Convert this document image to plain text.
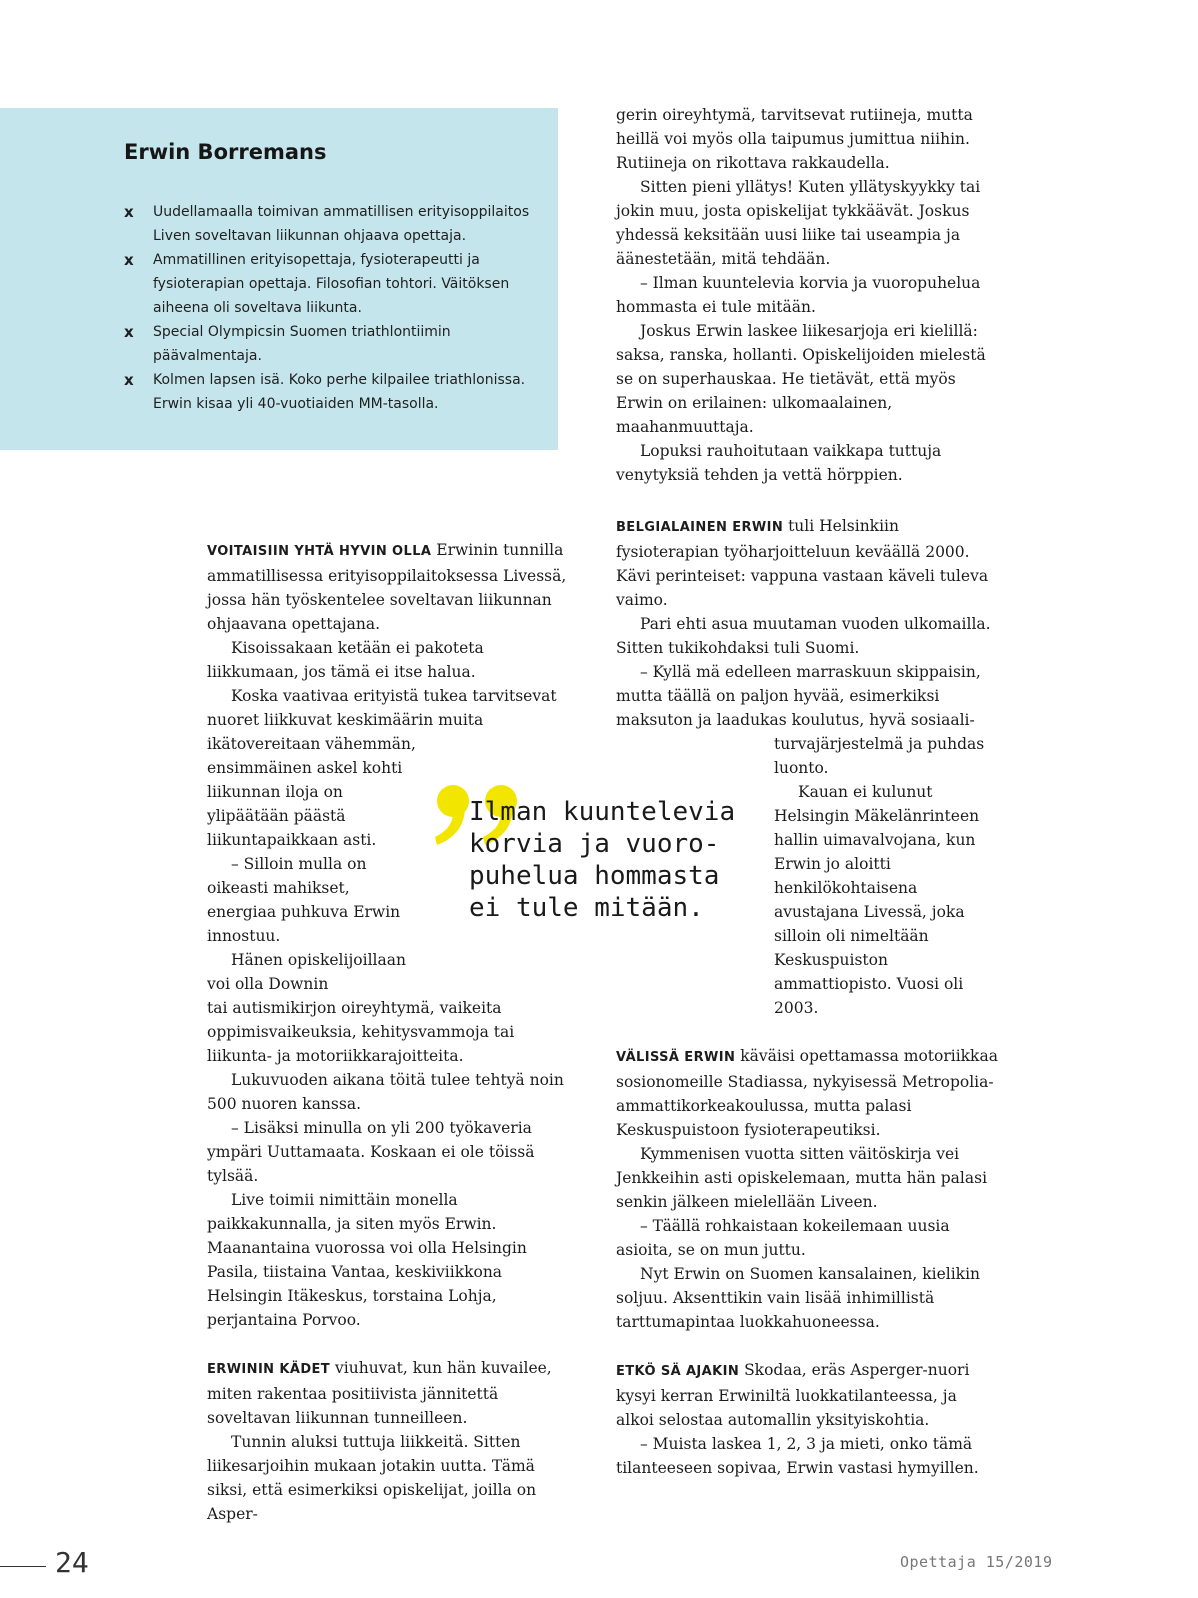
Erwin Borremans
x Uudellamaalla toimivan ammatillisen erityisoppilaitos Liven soveltavan liikunnan ohjaava opettaja.
x Ammatillinen erityisopettaja, fysioterapeutti ja fysioterapian opettaja. Filosofian tohtori. Väitöksen aiheena oli soveltava liikunta.
x Special Olympicsin Suomen triathlontiimin päävalmentaja.
x Kolmen lapsen isä. Koko perhe kilpailee triathlonissa. Erwin kisaa yli 40-vuotiaiden MM-tasolla.

gerin oireyhtymä, tarvitsevat rutiineja, mutta heillä voi myös olla taipumus jumittua niihin. Rutiineja on rikottava rakkaudella.

Sitten pieni yllätys! Kuten yllätyskyykky tai jokin muu, josta opiskelijat tykkäävät. Joskus yhdessä keksitään uusi liike tai useampia ja äänestetään, mitä tehdään.

– Ilman kuuntelevia korvia ja vuoropuhelua hommasta ei tule mitään.

Joskus Erwin laskee liikesarjoja eri kielillä: saksa, ranska, hollanti. Opiskelijoiden mielestä se on superhauskaa. He tietävät, että myös Erwin on erilainen: ulkomaalainen, maahanmuuttaja.

Lopuksi rauhoitutaan vaikkapa tuttuja venytyksiä tehden ja vettä hörppien.

VOITAISIIN YHTÄ HYVIN OLLA Erwinin tunnilla ammatillisessa erityisoppilaitoksessa Livessä, jossa hän työskentelee soveltavan liikunnan ohjaavana opettajana.

Kisoissakaan ketään ei pakoteta liikkumaan, jos tämä ei itse halua.

Koska vaativaa erityistä tukea tarvitsevat nuoret liikkuvat keskimäärin muita ikätovereitaan vähemmän,

ensimmäinen askel kohti liikunnan iloja on ylipäätään päästä liikuntapaikkaan asti.

– Silloin mulla on oikeasti mahikset, energiaa puhkuva Erwin innostuu.

Hänen opiskelijoillaan voi olla Downin

tai autismikirjon oireyhtymä, vaikeita oppimisvaikeuksia, kehitysvammoja tai liikunta- ja motoriikkarajoitteita.

Lukuvuoden aikana töitä tulee tehtyä noin 500 nuoren kanssa.

– Lisäksi minulla on yli 200 työkaveria ympäri Uuttamaata. Koskaan ei ole töissä tylsää.

Live toimii nimittäin monella paikkakunnalla, ja siten myös Erwin. Maanantaina vuorossa voi olla Helsingin Pasila, tiistaina Vantaa, keskiviikkona Helsingin Itäkeskus, torstaina Lohja, perjantaina Porvoo.

ERWININ KÄDET viuhuvat, kun hän kuvailee, miten rakentaa positiivista jännitettä soveltavan liikunnan tunneilleen.

Tunnin aluksi tuttuja liikkeitä. Sitten liikesarjoihin mukaan jotakin uutta. Tämä siksi, että esimerkiksi opiskelijat, joilla on Asper-

BELGIALAINEN ERWIN tuli Helsinkiin fysioterapian työharjoitteluun keväällä 2000. Kävi perinteiset: vappuna vastaan käveli tuleva vaimo.

Pari ehti asua muutaman vuoden ulkomailla. Sitten tukikohdaksi tuli Suomi.

– Kyllä mä edelleen marraskuun skippaisin, mutta täällä on paljon hyvää, esimerkiksi maksuton ja laadukas koulutus, hyvä sosiaali-

turvajärjestelmä ja puhdas luonto.

Kauan ei kulunut Helsingin Mäkelänrinteen hallin uimavalvojana, kun Erwin jo aloitti henkilökohtaisena avustajana Livessä, joka silloin oli nimeltään Keskuspuiston ammattiopisto. Vuosi oli 2003.

VÄLISSÄ ERWIN käväisi opettamassa motoriikkaa sosionomeille Stadiassa, nykyisessä Metropolia-ammattikorkeakoulussa, mutta palasi Keskuspuistoon fysioterapeutiksi.

Kymmenisen vuotta sitten väitöskirja vei Jenkkeihin asti opiskelemaan, mutta hän palasi senkin jälkeen mielellään Liveen.

– Täällä rohkaistaan kokeilemaan uusia asioita, se on mun juttu.

Nyt Erwin on Suomen kansalainen, kielikin soljuu. Aksenttikin vain lisää inhimillistä tarttumapintaa luokkahuoneessa.

ETKÖ SÄ AJAKIN Skodaa, eräs Asperger-nuori kysyi kerran Erwiniltä luokkatilanteessa, ja alkoi selostaa automallin yksityiskohtia.

– Muista laskea 1, 2, 3 ja mieti, onko tämä tilanteeseen sopivaa, Erwin vastasi hymyillen.

Ilman kuuntelevia
korvia ja vuoro-
puhelua hommasta
ei tule mitään.

24	Opettaja 15/2019
